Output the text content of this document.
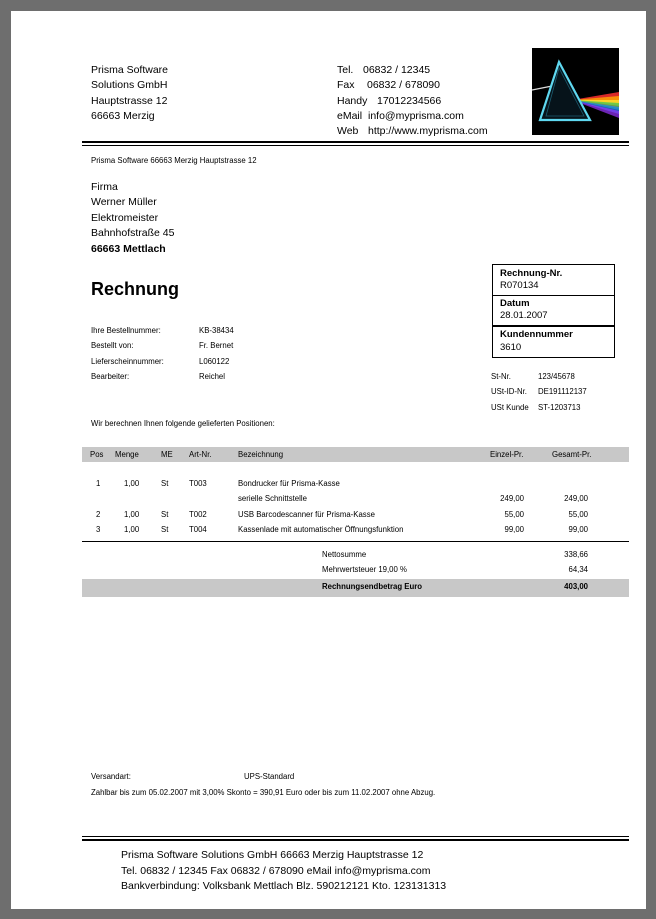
Prisma Software
Solutions GmbH
Hauptstrasse 12
66663 Merzig
Tel. 06832 / 12345
Fax 06832 / 678090
Handy 17012234566
eMail info@myprisma.com
Web http://www.myprisma.com
Prisma Software 66663 Merzig Hauptstrasse 12
Firma
Werner Müller
Elektromeister
Bahnhofstraße 45
66663 Mettlach
Rechnung
Rechnung-Nr.
R070134
Datum
28.01.2007
Kundennummer
3610
Ihre Bestellnummer:	KB-38434
Bestellt von:	Fr. Bernet
Lieferscheinnummer:	L060122
Bearbeiter:	Reichel	St-Nr.	123/45678
USt-ID-Nr. DE191112137
USt Kunde ST-1203713
Wir berechnen Ihnen folgende gelieferten Positionen:
Pos Menge	ME Art-Nr.	Bezeichnung	Einzel-Pr.	Gesamt-Pr.
1	1,00	St	T003	Bondrucker für Prisma-Kasse
serielle Schnittstelle	249,00	249,00
2	1,00	St	T002	USB Barcodescanner für Prisma-Kasse	55,00	55,00
3	1,00	St	T004	Kassenlade mit automatischer Öffnungsfunktion	99,00	99,00
Nettosumme	338,66
Mehrwertsteuer 19,00 %	64,34
Rechnungsendbetrag Euro	403,00
Versandart:	UPS-Standard
Zahlbar bis zum 05.02.2007 mit 3,00% Skonto = 390,91 Euro oder bis zum 11.02.2007 ohne Abzug.
Prisma Software Solutions GmbH 66663 Merzig Hauptstrasse 12
Tel. 06832 / 12345 Fax 06832 / 678090 eMail info@myprisma.com
Bankverbindung: Volksbank Mettlach Blz. 590212121 Kto. 123131313
